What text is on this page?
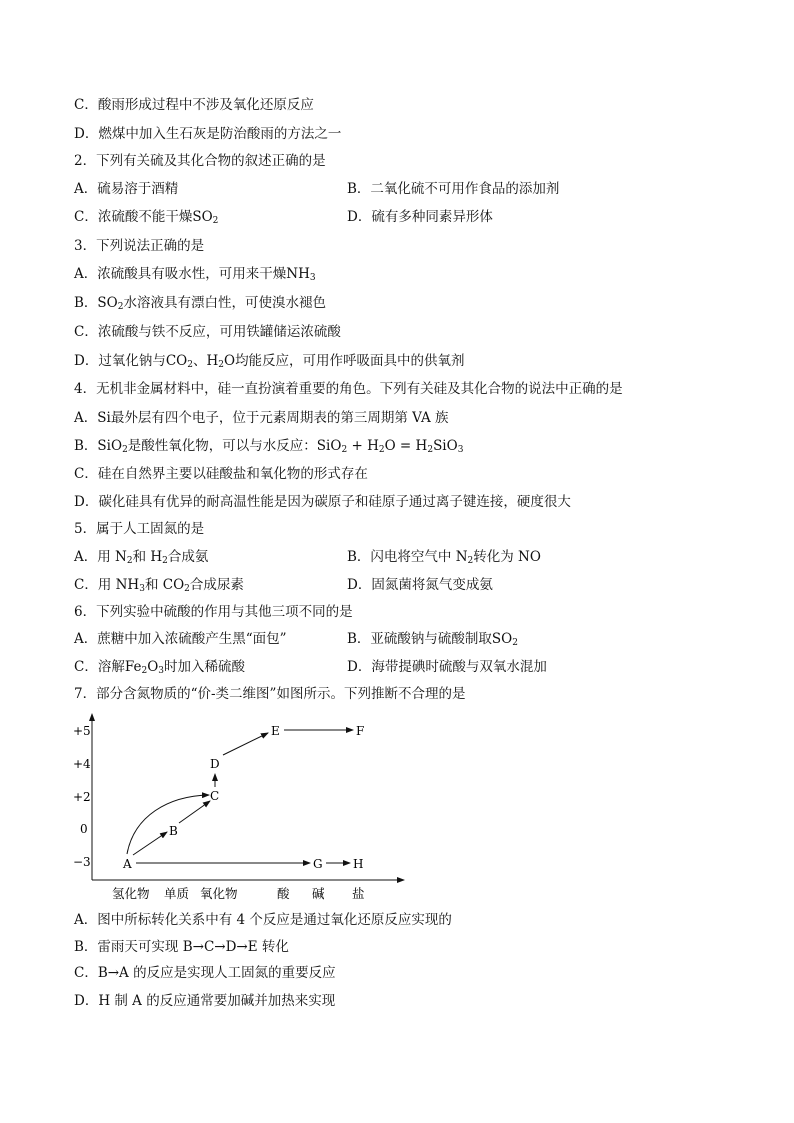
C．酸雨形成过程中不涉及氧化还原反应
D．燃煤中加入生石灰是防治酸雨的方法之一
2．下列有关硫及其化合物的叙述正确的是
A．硫易溶于酒精	B．二氧化硫不可用作食品的添加剂
C．浓硫酸不能干燥$SO_2$	D．硫有多种同素异形体
3．下列说法正确的是
A．浓硫酸具有吸水性，可用来干燥$NH_3$
B．$SO_2$水溶液具有漂白性，可使溴水褪色
C．浓硫酸与铁不反应，可用铁罐储运浓硫酸
D．过氧化钠与$CO_2$、$H_2O$均能反应，可用作呼吸面具中的供氧剂
4．无机非金属材料中，硅一直扮演着重要的角色。下列有关硅及其化合物的说法中正确的是
A．Si最外层有四个电子，位于元素周期表的第三周期第 VA 族
B．SiO$_2$是酸性氧化物，可以与水反应：$SiO_2 + H_2O = H_2SiO_3$
C．硅在自然界主要以硅酸盐和氧化物的形式存在
D．碳化硅具有优异的耐高温性能是因为碳原子和硅原子通过离子键连接，硬度很大
5．属于人工固氮的是
A．用 $N_2$和 $H_2$合成氨	B．闪电将空气中 $N_2$转化为 NO
C．用 $NH_3$和 $CO_2$合成尿素	D．固氮菌将氮气变成氨
6．下列实验中硫酸的作用与其他三项不同的是
A．蔗糖中加入浓硫酸产生黑“面包”	B．亚硫酸钠与硫酸制取$SO_2$
C．溶解$Fe_2O_3$时加入稀硫酸	D．海带提碘时硫酸与双氧水混加
7．部分含氮物质的“价-类二维图”如图所示。下列推断不合理的是
+5
+4
+2
0
−3
氢化物 单质 氧化物	酸 碱 盐
A
B
C
D
E	F
G	H
A．图中所标转化关系中有 4 个反应是通过氧化还原反应实现的
B．雷雨天可实现 B→C→D→E 转化
C．B→A 的反应是实现人工固氮的重要反应
D．H 制 A 的反应通常要加碱并加热来实现
